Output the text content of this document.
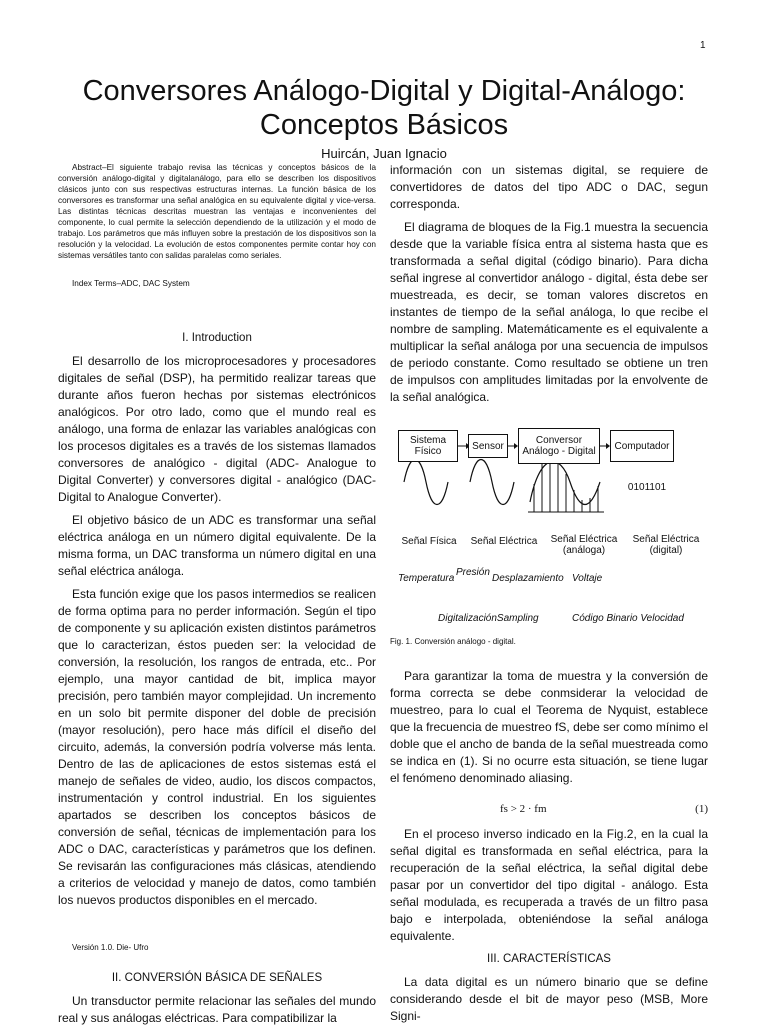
1
Conversores Análogo-Digital y Digital-Análogo: Conceptos Básicos
Huircán, Juan Ignacio

Abstract–El siguiente trabajo revisa las técnicas y conceptos básicos de la conversión análogo-digital y digitalanálogo, para ello se describen los dispositivos clásicos junto con sus respectivas estructuras internas. La función básica de los conversores es transformar una señal analógica en su equivalente digital y vice-versa. Las distintas técnicas descritas muestran las ventajas e inconvenientes del componente, lo cual permite la selección dependiendo de la utilización y el modo de trabajo. Los parámetros que más influyen sobre la prestación de los dispositivos son la resolución y la velocidad. La evolución de estos componentes permite contar hoy con sistemas versátiles tanto con salidas paralelas como seriales.

Index Terms–ADC, DAC System

I. Introduction

El desarrollo de los microprocesadores y procesadores digitales de señal (DSP), ha permitido realizar tareas que durante años fueron hechas por sistemas electrónicos analógicos. Por otro lado, como que el mundo real es análogo, una forma de enlazar las variables analógicas con los procesos digitales es a través de los sistemas llamados conversores de analógico - digital (ADC- Analogue to Digital Converter) y conversores digital - analógico (DAC- Digital to Analogue Converter).

El objetivo básico de un ADC es transformar una señal eléctrica análoga en un número digital equivalente. De la misma forma, un DAC transforma un número digital en una señal eléctrica análoga.

Esta función exige que los pasos intermedios se realicen de forma optima para no perder información. Según el tipo de componente y su aplicación existen distintos parámetros que lo caracterizan, éstos pueden ser: la velocidad de conversión, la resolución, los rangos de entrada, etc.. Por ejemplo, una mayor cantidad de bit, implica mayor precisión, pero también mayor complejidad. Un incremento en un solo bit permite disponer del doble de precisión (mayor resolución), pero hace más difícil el diseño del circuito, además, la conversión podría volverse más lenta. Dentro de las de aplicaciones de estos sistemas está el manejo de señales de video, audio, los discos compactos, instrumentación y control industrial. En los siguientes apartados se describen los conceptos básicos de conversión de señal, técnicas de implementación para los ADC o DAC, características y parámetros que los definen. Se revisarán las configuraciones más clásicas, atendiendo a criterios de velocidad y manejo de datos, como también los nuevos productos disponibles en el mercado.

Versión 1.0. Die- Ufro

II. CONVERSIÓN BÁSICA DE SEÑALES

Un transductor permite relacionar las señales del mundo real y sus análogas eléctricas. Para compatibilizar la

información con un sistemas digital, se requiere de convertidores de datos del tipo ADC o DAC, segun corresponda.

El diagrama de bloques de la Fig.1 muestra la secuencia desde que la variable física entra al sistema hasta que es transformada a señal digital (código binario). Para dicha señal ingrese al convertidor análogo - digital, ésta debe ser muestreada, es decir, se toman valores discretos en instantes de tiempo de la señal análoga, lo que recibe el nombre de sampling. Matemáticamente es el equivalente a multiplicar la señal análoga por una secuencia de impulsos de periodo constante. Como resultado se obtiene un tren de impulsos con amplitudes limitadas por la envolvente de la señal analógica.

Sistema Físico	Sensor	Conversor Análogo - Digital	Computador
0101101
Señal Física	Señal Eléctrica	Señal Eléctrica (análoga)
Señal Eléctrica (digital)
Temperatura
Presión
Desplazamiento Voltaje
DigitalizaciónSampling	Código Binario Velocidad
Fig. 1. Conversión análogo - digital.

Para garantizar la toma de muestra y la conversión de forma correcta se debe conmsiderar la velocidad de muestreo, para lo cual el Teorema de Nyquist, establece que la frecuencia de muestreo fS, debe ser como mínimo el doble que el ancho de banda de la señal muestreada como se indica en (1). Si no ocurre esta situación, se tiene lugar el fenómeno denominado aliasing.

fs > 2 · fm	(1)

En el proceso inverso indicado en la Fig.2, en la cual la señal digital es transformada en señal eléctrica, para la recuperación de la señal eléctrica, la señal digital debe pasar por un convertidor del tipo digital - análogo. Esta señal modulada, es recuperada a través de un filtro pasa bajo e interpolada, obteniéndose la señal análoga equivalente.

III. CARACTERÍSTICAS

La data digital es un número binario que se define considerando desde el bit de mayor peso (MSB, More Signi-
